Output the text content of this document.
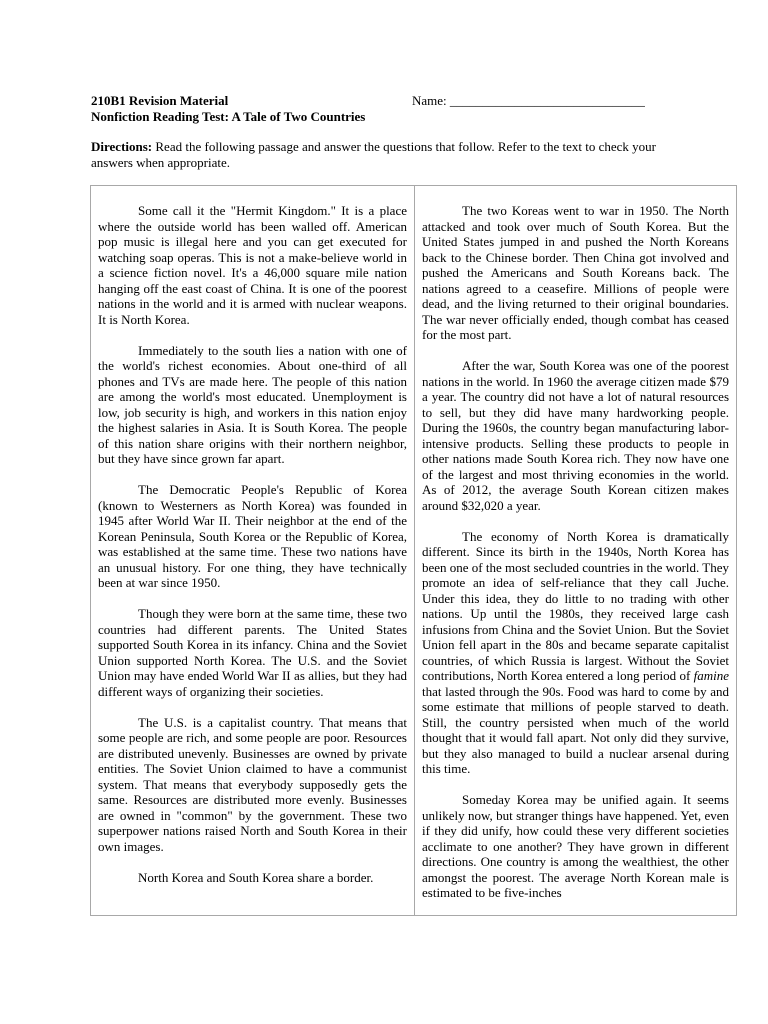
210B1 Revision Material	Name: ______________________________
Nonfiction Reading Test: A Tale of Two Countries
Directions: Read the following passage and answer the questions that follow. Refer to the text to check your answers when appropriate.

Some call it the "Hermit Kingdom." It is a place where the outside world has been walled off. American pop music is illegal here and you can get executed for watching soap operas. This is not a make-believe world in a science fiction novel. It's a 46,000 square mile nation hanging off the east coast of China. It is one of the poorest nations in the world and it is armed with nuclear weapons. It is North Korea.

Immediately to the south lies a nation with one of the world's richest economies. About one-third of all phones and TVs are made here. The people of this nation are among the world's most educated. Unemployment is low, job security is high, and workers in this nation enjoy the highest salaries in Asia. It is South Korea. The people of this nation share origins with their northern neighbor, but they have since grown far apart.

The Democratic People's Republic of Korea (known to Westerners as North Korea) was founded in 1945 after World War II. Their neighbor at the end of the Korean Peninsula, South Korea or the Republic of Korea, was established at the same time. These two nations have an unusual history. For one thing, they have technically been at war since 1950.

Though they were born at the same time, these two countries had different parents. The United States supported South Korea in its infancy. China and the Soviet Union supported North Korea. The U.S. and the Soviet Union may have ended World War II as allies, but they had different ways of organizing their societies.

The U.S. is a capitalist country. That means that some people are rich, and some people are poor. Resources are distributed unevenly. Businesses are owned by private entities. The Soviet Union claimed to have a communist system. That means that everybody supposedly gets the same. Resources are distributed more evenly. Businesses are owned in "common" by the government. These two superpower nations raised North and South Korea in their own images.

North Korea and South Korea share a border.

The two Koreas went to war in 1950. The North attacked and took over much of South Korea. But the United States jumped in and pushed the North Koreans back to the Chinese border. Then China got involved and pushed the Americans and South Koreans back. The nations agreed to a ceasefire. Millions of people were dead, and the living returned to their original boundaries. The war never officially ended, though combat has ceased for the most part.

After the war, South Korea was one of the poorest nations in the world. In 1960 the average citizen made $79 a year. The country did not have a lot of natural resources to sell, but they did have many hardworking people. During the 1960s, the country began manufacturing labor-intensive products. Selling these products to people in other nations made South Korea rich. They now have one of the largest and most thriving economies in the world. As of 2012, the average South Korean citizen makes around $32,020 a year.

The economy of North Korea is dramatically different. Since its birth in the 1940s, North Korea has been one of the most secluded countries in the world. They promote an idea of self-reliance that they call Juche. Under this idea, they do little to no trading with other nations. Up until the 1980s, they received large cash infusions from China and the Soviet Union. But the Soviet Union fell apart in the 80s and became separate capitalist countries, of which Russia is largest. Without the Soviet contributions, North Korea entered a long period of famine that lasted through the 90s. Food was hard to come by and some estimate that millions of people starved to death. Still, the country persisted when much of the world thought that it would fall apart. Not only did they survive, but they also managed to build a nuclear arsenal during this time.

Someday Korea may be unified again. It seems unlikely now, but stranger things have happened. Yet, even if they did unify, how could these very different societies acclimate to one another? They have grown in different directions. One country is among the wealthiest, the other amongst the poorest. The average North Korean male is estimated to be five-inches
